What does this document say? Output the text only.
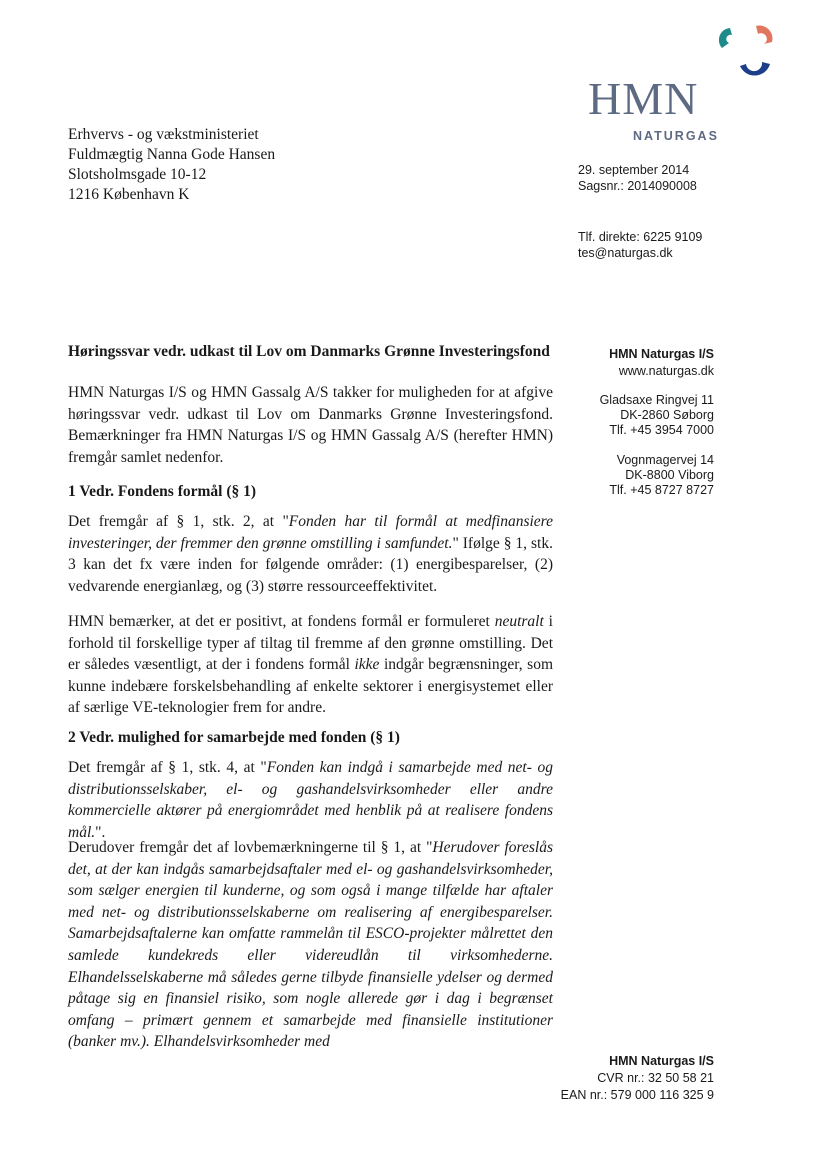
HMN
NATURGAS
Erhvervs - og vækstministeriet
Fuldmægtig Nanna Gode Hansen
Slotsholmsgade 10-12
1216 København K
29. september 2014
Sagsnr.: 2014090008
Tlf. direkte: 6225 9109
tes@naturgas.dk
HMN Naturgas I/S
www.naturgas.dk
Gladsaxe Ringvej 11
DK-2860 Søborg
Tlf. +45 3954 7000
Vognmagervej 14
DK-8800 Viborg
Tlf. +45 8727 8727

Høringssvar vedr. udkast til Lov om Danmarks Grønne Investeringsfond

HMN Naturgas I/S og HMN Gassalg A/S takker for muligheden for at afgive høringssvar vedr. udkast til Lov om Danmarks Grønne Investeringsfond. Bemærkninger fra HMN Naturgas I/S og HMN Gassalg A/S (herefter HMN) fremgår samlet nedenfor.

1 Vedr. Fondens formål (§ 1)

Det fremgår af § 1, stk. 2, at "Fonden har til formål at medfinansiere investeringer, der fremmer den grønne omstilling i samfundet." Ifølge § 1, stk. 3 kan det fx være inden for følgende områder: (1) energibesparelser, (2) vedvarende energianlæg, og (3) større ressourceeffektivitet.

HMN bemærker, at det er positivt, at fondens formål er formuleret neutralt i forhold til forskellige typer af tiltag til fremme af den grønne omstilling. Det er således væsentligt, at der i fondens formål ikke indgår begrænsninger, som kunne indebære forskelsbehandling af enkelte sektorer i energisystemet eller af særlige VE-teknologier frem for andre.

2 Vedr. mulighed for samarbejde med fonden (§ 1)

Det fremgår af § 1, stk. 4, at "Fonden kan indgå i samarbejde med net- og distributionsselskaber, el- og gashandelsvirksomheder eller andre kommercielle aktører på energiområdet med henblik på at realisere fondens mål.".

Derudover fremgår det af lovbemærkningerne til § 1, at "Herudover foreslås det, at der kan indgås samarbejdsaftaler med el- og gashandelsvirksomheder, som sælger energien til kunderne, og som også i mange tilfælde har aftaler med net- og distributionsselskaberne om realisering af energibesparelser. Samarbejdsaftalerne kan omfatte rammelån til ESCO-projekter målrettet den samlede kundekreds eller videreudlån til virksomhederne. Elhandelsselskaberne må således gerne tilbyde finansielle ydelser og dermed påtage sig en finansiel risiko, som nogle allerede gør i dag i begrænset omfang – primært gennem et samarbejde med finansielle institutioner (banker mv.). Elhandelsvirksomheder med

HMN Naturgas I/S
CVR nr.: 32 50 58 21
EAN nr.: 579 000 116 325 9
